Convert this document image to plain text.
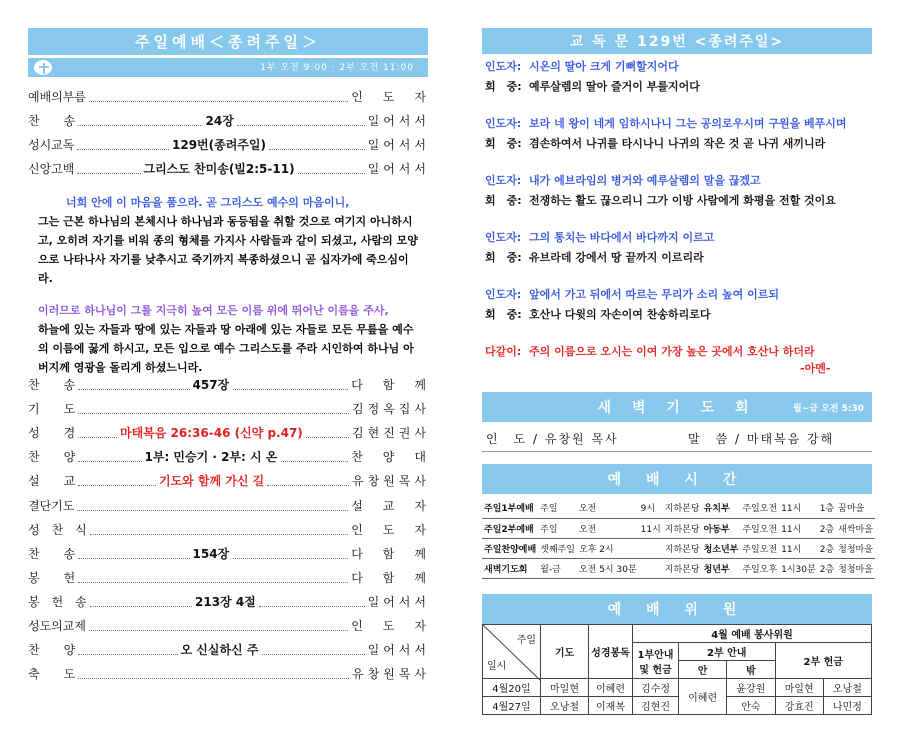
주일예배＜종려주일＞
1부 오전 9:00 · 2부 오전 11:00
예배의부름	인　도　자
찬　　송	24장	일어서서
성시교독	129번(종려주일)	일어서서
신앙고백	그리스도 찬미송(빌2:5-11)	일어서서
너희 안에 이 마음을 품으라. 곧 그리스도 예수의 마음이니,
그는 근본 하나님의 본체시나 하나님과 동등됨을 취할 것으로 여기지 아니하시고, 오히려 자기를 비워 종의 형체를 가지사 사람들과 같이 되셨고, 사람의 모양으로 나타나사 자기를 낮추시고 죽기까지 복종하셨으니 곧 십자가에 죽으심이라.
이러므로 하나님이 그를 지극히 높여 모든 이름 위에 뛰어난 이름을 주사,
하늘에 있는 자들과 땅에 있는 자들과 땅 아래에 있는 자들로 모든 무릎을 예수의 이름에 꿇게 하시고, 모든 입으로 예수 그리스도를 주라 시인하여 하나님 아버지께 영광을 돌리게 하셨느니라.
찬　　송	457장	다　함　께
기　　도	김정옥집사
성　　경	마태복음 26:36-46 (신약 p.47)	김현진권사
찬　　양	1부: 민승기 · 2부: 시 온	찬　양　대
설　　교	기도와 함께 가신 길	유창원목사
결단기도	설　교　자
성　찬　식	인　도　자
찬　　송	154장	다　함　께
봉　　헌	다　함　께
봉　헌　송	213장 4절	일어서서
성도의교제	인　도　자
찬　　양	오 신실하신 주	일어서서
축　　도	유창원목사
교 독 문 129번 <종려주일>
인도자: 시온의 딸아 크게 기뻐할지어다
회　중: 예루살렘의 딸아 즐거이 부를지어다
인도자: 보라 네 왕이 네게 임하시나니 그는 공의로우시며 구원을 베푸시며
회　중: 겸손하여서 나귀를 타시나니 나귀의 작은 것 곧 나귀 새끼니라
인도자: 내가 에브라임의 병거와 예루살렘의 말을 끊겠고
회　중: 전쟁하는 활도 끊으리니 그가 이방 사람에게 화평을 전할 것이요
인도자: 그의 통치는 바다에서 바다까지 이르고
회　중: 유브라데 강에서 땅 끝까지 이르리라
인도자: 앞에서 가고 뒤에서 따르는 무리가 소리 높여 이르되
회　중: 호산나 다윗의 자손이여 찬송하리로다
다같이: 주의 이름으로 오시는 이여 가장 높은 곳에서 호산나 하더라
-아멘-
새 벽 기 도 회	월~금 오전 5:30
인　도 / 유창원 목사	말　씀 / 마태복음 강해
예 배 시 간
주일1부예배	주일	오전	9시	지하본당	유치부	주일오전	11시	1층	꿈마을
주일2부예배	주일	오전	11시	지하본당	아동부	주일오전	11시	2층	새싹마을
주일찬양예배	셋째주일	오후 2시		지하본당	청소년부	주일오전	11시	2층	청청마을
새벽기도회	월-금	오전 5시 30분		지하본당	청년부	주일오후	1시30분	2층	청청마을
예 배 위 원
주일
일시	기도	성경봉독	4월 예배 봉사위원				
			1부안내 및 헌금	2부 안내		2부 헌금	
				안	밖		
4월20일	마일현	이혜련	김수정	이혜련	윤강원	마일현	오낭철
4월27일	오낭철	이재복	김현진		안숙	강효진	나민정
